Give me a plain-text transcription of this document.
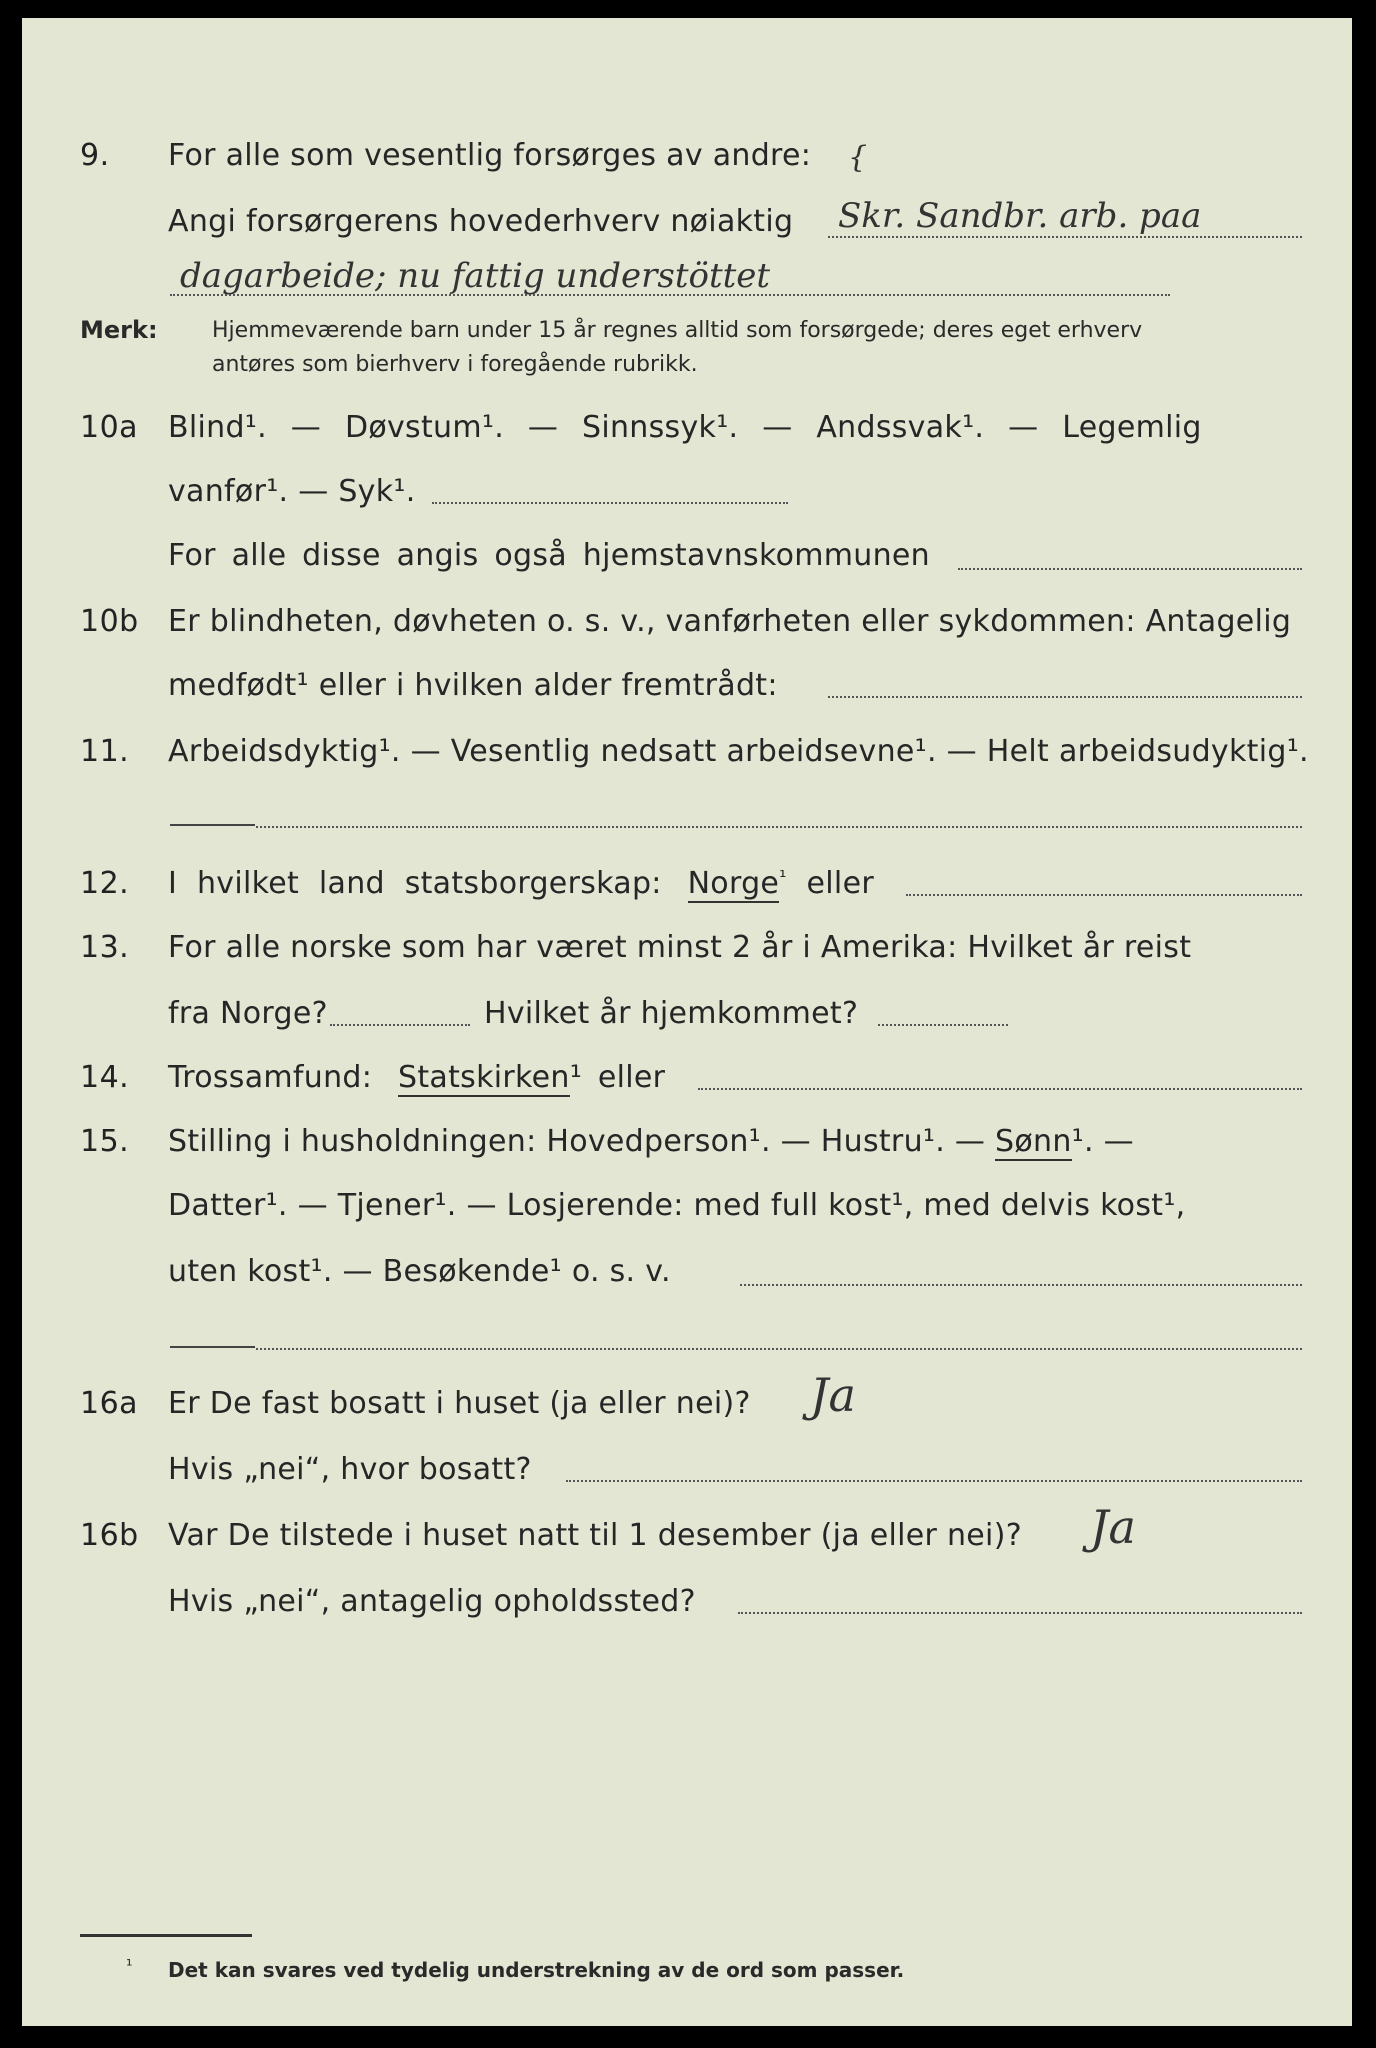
9. For alle som vesentlig forsørges av andre: {
Angi forsørgerens hovederhverv nøiaktig Skr. Sandbr. arb. paa
dagarbeide; nu fattig understöttet
Merk: Hjemmeværende barn under 15 år regnes alltid som forsørgede; deres eget erhverv
antøres som bierhverv i foregående rubrikk.
10a Blind¹. — Døvstum¹. — Sinnssyk¹. — Andssvak¹. — Legemlig
vanfør¹. — Syk¹.
For alle disse angis også hjemstavnskommunen
10b Er blindheten, døvheten o. s. v., vanførheten eller sykdommen: Antagelig
medfødt¹ eller i hvilken alder fremtrådt:
11. Arbeidsdyktig¹. — Vesentlig nedsatt arbeidsevne¹. — Helt arbeidsudyktig¹.
12. I hvilket land statsborgerskap: Norge$^{^1}$ eller
13. For alle norske som har været minst 2 år i Amerika: Hvilket år reist
fra Norge?	Hvilket år hjemkommet?
14. Trossamfund: Statskirken¹ eller
15. Stilling i husholdningen: Hovedperson¹. — Hustru¹. — Sønn¹. —
Datter¹. — Tjener¹. — Losjerende: med full kost¹, med delvis kost¹,
uten kost¹. — Besøkende¹ o. s. v.
16a Er De fast bosatt i huset (ja eller nei)? Ja
Hvis „nei“, hvor bosatt?
16b Var De tilstede i huset natt til 1 desember (ja eller nei)? Ja
Hvis „nei“, antagelig opholdssted?
¹ Det kan svares ved tydelig understrekning av de ord som passer.
